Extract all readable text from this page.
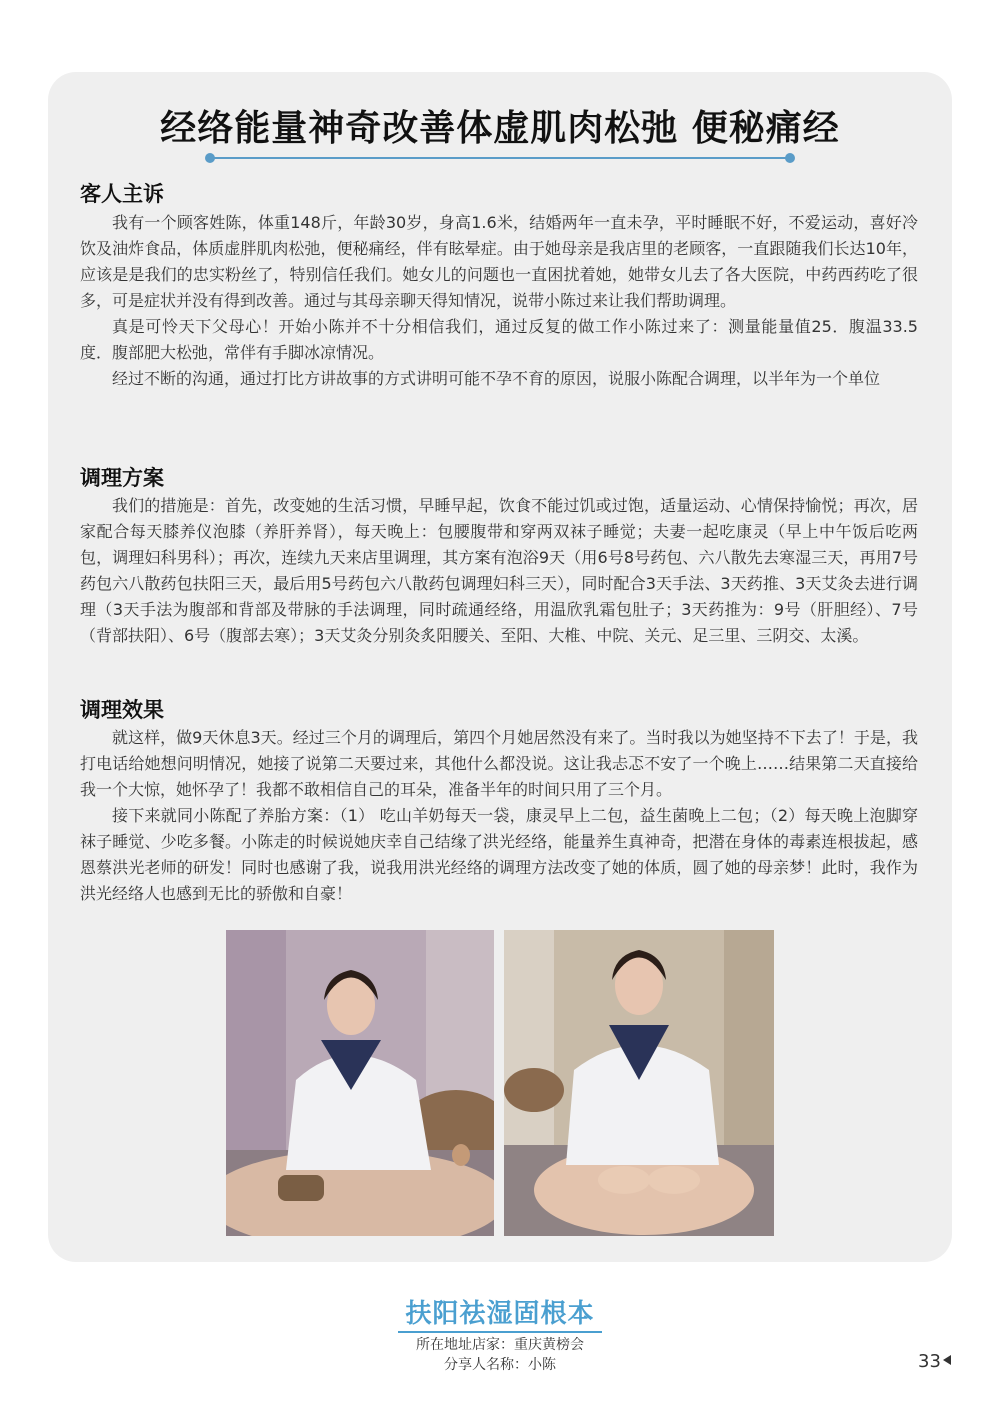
经络能量神奇改善体虚肌肉松弛 便秘痛经
客人主诉

我有一个顾客姓陈，体重148斤，年龄30岁，身高1.6米，结婚两年一直未孕，平时睡眠不好，不爱运动，喜好冷饮及油炸食品，体质虚胖肌肉松弛，便秘痛经，伴有眩晕症。由于她母亲是我店里的老顾客，一直跟随我们长达10年，应该是是我们的忠实粉丝了，特别信任我们。她女儿的问题也一直困扰着她，她带女儿去了各大医院，中药西药吃了很多，可是症状并没有得到改善。通过与其母亲聊天得知情况，说带小陈过来让我们帮助调理。

真是可怜天下父母心！开始小陈并不十分相信我们，通过反复的做工作小陈过来了：测量能量值25．腹温33.5度．腹部肥大松弛，常伴有手脚冰凉情况。

经过不断的沟通，通过打比方讲故事的方式讲明可能不孕不育的原因，说服小陈配合调理，以半年为一个单位

调理方案

我们的措施是：首先，改变她的生活习惯，早睡早起，饮食不能过饥或过饱，适量运动、心情保持愉悦；再次，居家配合每天膝养仪泡膝（养肝养肾），每天晚上：包腰腹带和穿两双袜子睡觉；夫妻一起吃康灵（早上中午饭后吃两包，调理妇科男科）；再次，连续九天来店里调理，其方案有泡浴9天（用6号8号药包、六八散先去寒湿三天，再用7号药包六八散药包扶阳三天，最后用5号药包六八散药包调理妇科三天），同时配合3天手法、3天药推、3天艾灸去进行调理（3天手法为腹部和背部及带脉的手法调理，同时疏通经络，用温欣乳霜包肚子；3天药推为：9号（肝胆经）、7号（背部扶阳）、6号（腹部去寒）；3天艾灸分别灸炙阳腰关、至阳、大椎、中院、关元、足三里、三阴交、太溪。

调理效果

就这样，做9天休息3天。经过三个月的调理后，第四个月她居然没有来了。当时我以为她坚持不下去了！于是，我打电话给她想问明情况，她接了说第二天要过来，其他什么都没说。这让我忐忑不安了一个晚上……结果第二天直接给我一个大惊，她怀孕了！我都不敢相信自己的耳朵，准备半年的时间只用了三个月。

接下来就同小陈配了养胎方案：（1） 吃山羊奶每天一袋，康灵早上二包，益生菌晚上二包；（2）每天晚上泡脚穿袜子睡觉、少吃多餐。小陈走的时候说她庆幸自己结缘了洪光经络，能量养生真神奇，把潜在身体的毒素连根拔起，感恩蔡洪光老师的研发！同时也感谢了我，说我用洪光经络的调理方法改变了她的体质，圆了她的母亲梦！此时，我作为洪光经络人也感到无比的骄傲和自豪！

扶阳祛湿固根本
所在地址店家：重庆黄榜会
分享人名称：小陈	33
